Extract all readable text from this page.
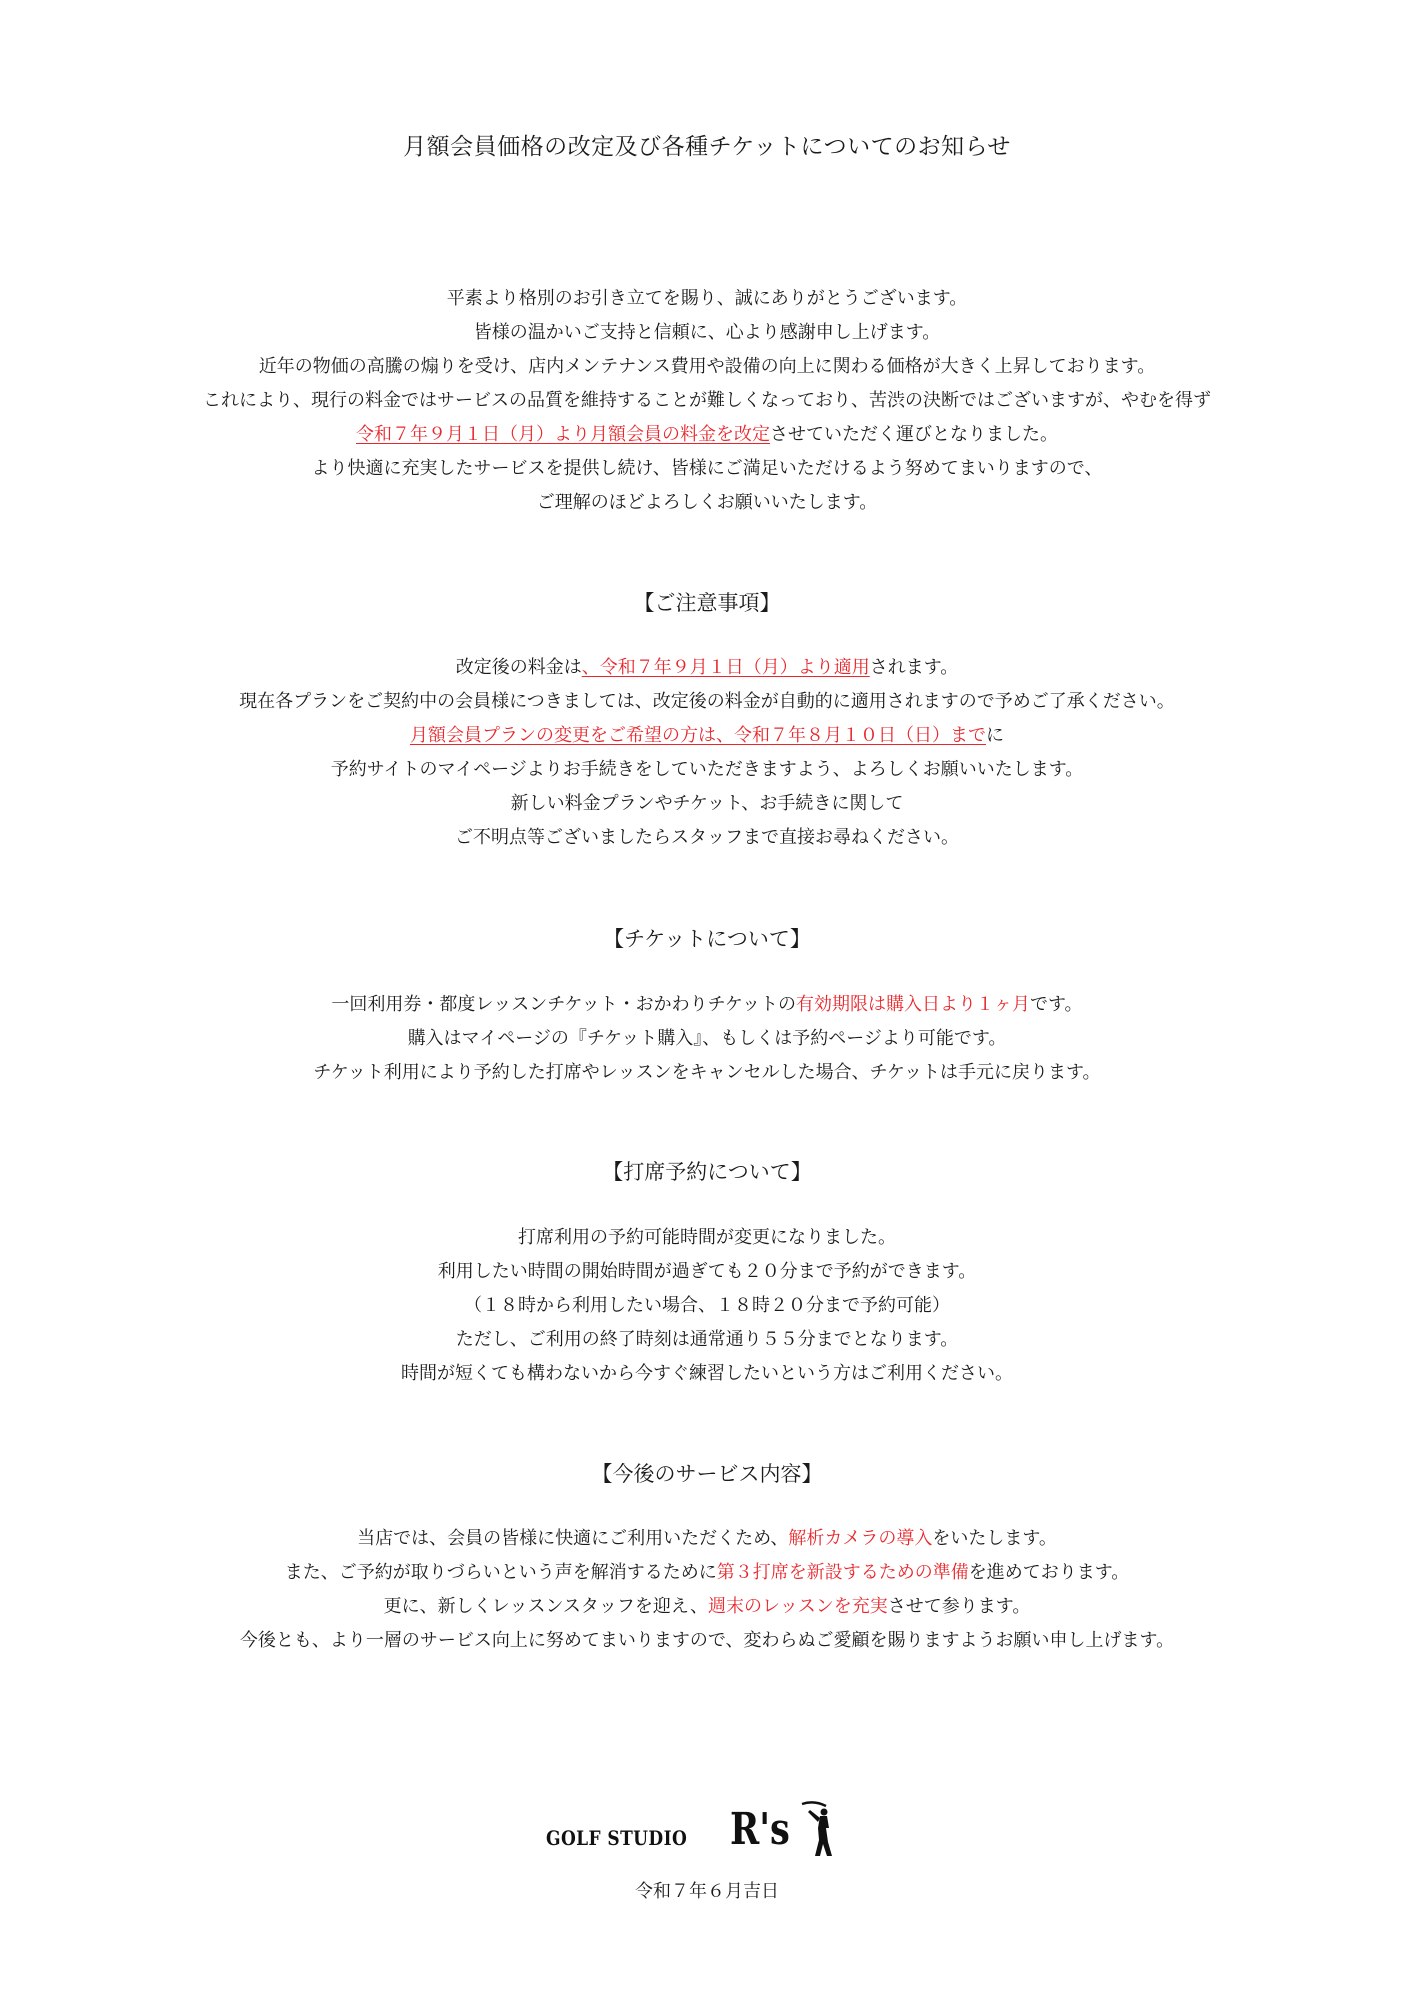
月額会員価格の改定及び各種チケットについてのお知らせ

平素より格別のお引き立てを賜り、誠にありがとうございます。

皆様の温かいご支持と信頼に、心より感謝申し上げます。

近年の物価の高騰の煽りを受け、店内メンテナンス費用や設備の向上に関わる価格が大きく上昇しております。

これにより、現行の料金ではサービスの品質を維持することが難しくなっており、苦渋の決断ではございますが、やむを得ず

令和７年９月１日（月）より月額会員の料金を改定させていただく運びとなりました。

より快適に充実したサービスを提供し続け、皆様にご満足いただけるよう努めてまいりますので、

ご理解のほどよろしくお願いいたします。

【ご注意事項】

改定後の料金は、令和７年９月１日（月）より適用されます。

現在各プランをご契約中の会員様につきましては、改定後の料金が自動的に適用されますので予めご了承ください。

月額会員プランの変更をご希望の方は、令和７年８月１０日（日）までに

予約サイトのマイページよりお手続きをしていただきますよう、よろしくお願いいたします。

新しい料金プランやチケット、お手続きに関して

ご不明点等ございましたらスタッフまで直接お尋ねください。

【チケットについて】

一回利用券・都度レッスンチケット・おかわりチケットの有効期限は購入日より１ヶ月です。

購入はマイページの『チケット購入』、もしくは予約ページより可能です。

チケット利用により予約した打席やレッスンをキャンセルした場合、チケットは手元に戻ります。

【打席予約について】

打席利用の予約可能時間が変更になりました。

利用したい時間の開始時間が過ぎても２０分まで予約ができます。

（１８時から利用したい場合、１８時２０分まで予約可能）

ただし、ご利用の終了時刻は通常通り５５分までとなります。

時間が短くても構わないから今すぐ練習したいという方はご利用ください。

【今後のサービス内容】

当店では、会員の皆様に快適にご利用いただくため、解析カメラの導入をいたします。

また、ご予約が取りづらいという声を解消するために第３打席を新設するための準備を進めております。

更に、新しくレッスンスタッフを迎え、週末のレッスンを充実させて参ります。

今後とも、より一層のサービス向上に努めてまいりますので、変わらぬご愛顧を賜りますようお願い申し上げます。

GOLF STUDIO R's
令和７年６月吉日
